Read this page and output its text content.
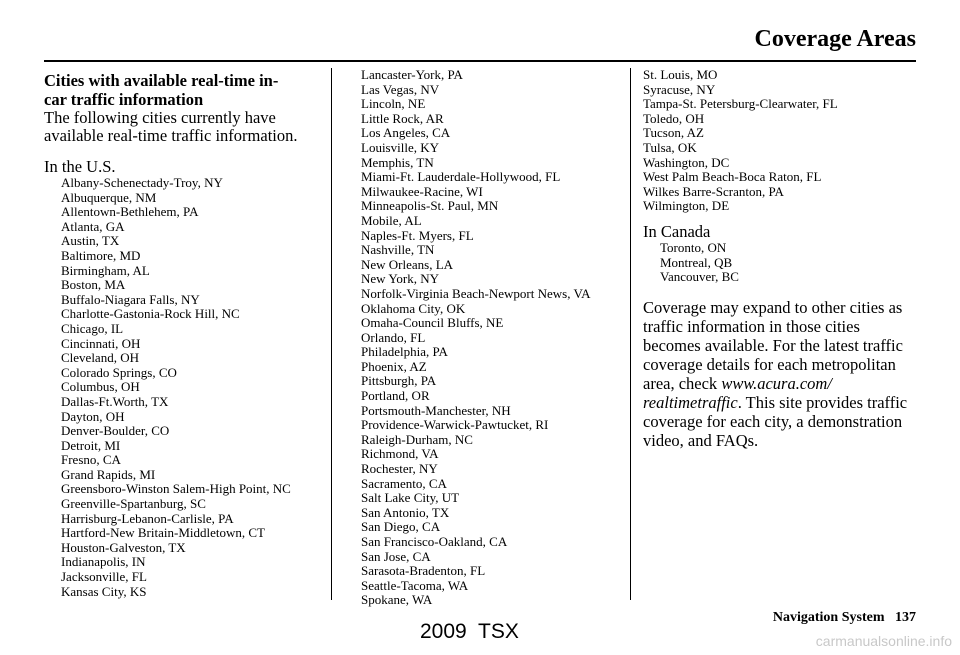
Coverage Areas
Cities with available real-time in-
car traffic information
The following cities currently have
available real-time traffic information.
In the U.S.
Albany-Schenectady-Troy, NY
Albuquerque, NM
Allentown-Bethlehem, PA
Atlanta, GA
Austin, TX
Baltimore, MD
Birmingham, AL
Boston, MA
Buffalo-Niagara Falls, NY
Charlotte-Gastonia-Rock Hill, NC
Chicago, IL
Cincinnati, OH
Cleveland, OH
Colorado Springs, CO
Columbus, OH
Dallas-Ft.Worth, TX
Dayton, OH
Denver-Boulder, CO
Detroit, MI
Fresno, CA
Grand Rapids, MI
Greensboro-Winston Salem-High Point, NC
Greenville-Spartanburg, SC
Harrisburg-Lebanon-Carlisle, PA
Hartford-New Britain-Middletown, CT
Houston-Galveston, TX
Indianapolis, IN
Jacksonville, FL
Kansas City, KS
Lancaster-York, PA
Las Vegas, NV
Lincoln, NE
Little Rock, AR
Los Angeles, CA
Louisville, KY
Memphis, TN
Miami-Ft. Lauderdale-Hollywood, FL
Milwaukee-Racine, WI
Minneapolis-St. Paul, MN
Mobile, AL
Naples-Ft. Myers, FL
Nashville, TN
New Orleans, LA
New York, NY
Norfolk-Virginia Beach-Newport News, VA
Oklahoma City, OK
Omaha-Council Bluffs, NE
Orlando, FL
Philadelphia, PA
Phoenix, AZ
Pittsburgh, PA
Portland, OR
Portsmouth-Manchester, NH
Providence-Warwick-Pawtucket, RI
Raleigh-Durham, NC
Richmond, VA
Rochester, NY
Sacramento, CA
Salt Lake City, UT
San Antonio, TX
San Diego, CA
San Francisco-Oakland, CA
San Jose, CA
Sarasota-Bradenton, FL
Seattle-Tacoma, WA
Spokane, WA
St. Louis, MO
Syracuse, NY
Tampa-St. Petersburg-Clearwater, FL
Toledo, OH
Tucson, AZ
Tulsa, OK
Washington, DC
West Palm Beach-Boca Raton, FL
Wilkes Barre-Scranton, PA
Wilmington, DE
In Canada
Toronto, ON
Montreal, QB
Vancouver, BC
Coverage may expand to other cities as
traffic information in those cities
becomes available. For the latest traffic
coverage details for each metropolitan
area, check www.acura.com/
realtimetraffic. This site provides traffic
coverage for each city, a demonstration
video, and FAQs.
Navigation System 137
2009  TSX	carmanualsonline.info
